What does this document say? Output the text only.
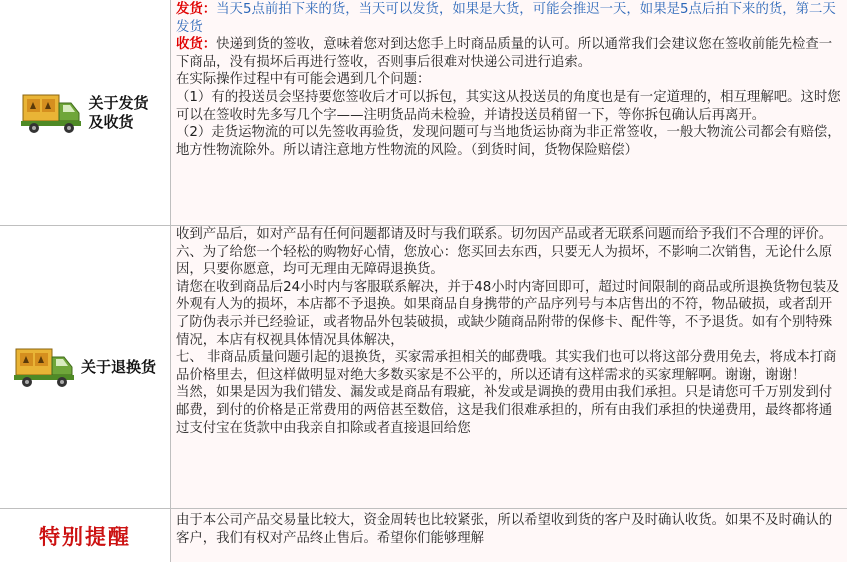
关于发货
及收货

发货：当天5点前拍下来的货，当天可以发货，如果是大货，可能会推迟一天，如果是5点后拍下来的货，第二天发货

收货：快递到货的签收，意味着您对到达您手上时商品质量的认可。所以通常我们会建议您在签收前能先检查一下商品，没有损坏后再进行签收，否则事后很难对快递公司进行追索。

在实际操作过程中有可能会遇到几个问题：

（1）有的投送员会坚持要您签收后才可以拆包，其实这从投送员的角度也是有一定道理的，相互理解吧。这时您可以在签收时先多写几个字——注明货品尚未检验，并请投送员稍留一下，等你拆包确认后再离开。

（2）走货运物流的可以先签收再验货，发现问题可与当地货运协商为非正常签收，一般大物流公司都会有赔偿，地方性物流除外。所以请注意地方性物流的风险。（到货时间，货物保险赔偿）

关于退换货

收到产品后，如对产品有任何问题都请及时与我们联系。切勿因产品或者无联系问题而给予我们不合理的评价。

六、为了给您一个轻松的购物好心情，您放心：您买回去东西，只要无人为损坏，不影响二次销售，无论什么原因，只要你愿意，均可无理由无障碍退换货。

请您在收到商品后24小时内与客服联系解决，并于48小时内寄回即可，超过时间限制的商品或所退换货物包装及外观有人为的损坏，本店都不予退换。如果商品自身携带的产品序列号与本店售出的不符，物品破损，或者刮开了防伪表示并已经验证，或者物品外包装破损，或缺少随商品附带的保修卡、配件等，不予退货。如有个别特殊情况，本店有权视具体情况具体解决，

七、 非商品质量问题引起的退换货，买家需承担相关的邮费哦。其实我们也可以将这部分费用免去，将成本打商品价格里去，但这样做明显对绝大多数买家是不公平的，所以还请有这样需求的买家理解啊。谢谢，谢谢！

当然，如果是因为我们错发、漏发或是商品有瑕疵，补发或是调换的费用由我们承担。只是请您可千万别发到付邮费，到付的价格是正常费用的两倍甚至数倍，这是我们很难承担的，所有由我们承担的快递费用，最终都将通过支付宝在货款中由我亲自扣除或者直接退回给您

特别提醒

由于本公司产品交易量比较大，资金周转也比较紧张，所以希望收到货的客户及时确认收货。如果不及时确认的客户，我们有权对产品终止售后。希望你们能够理解
